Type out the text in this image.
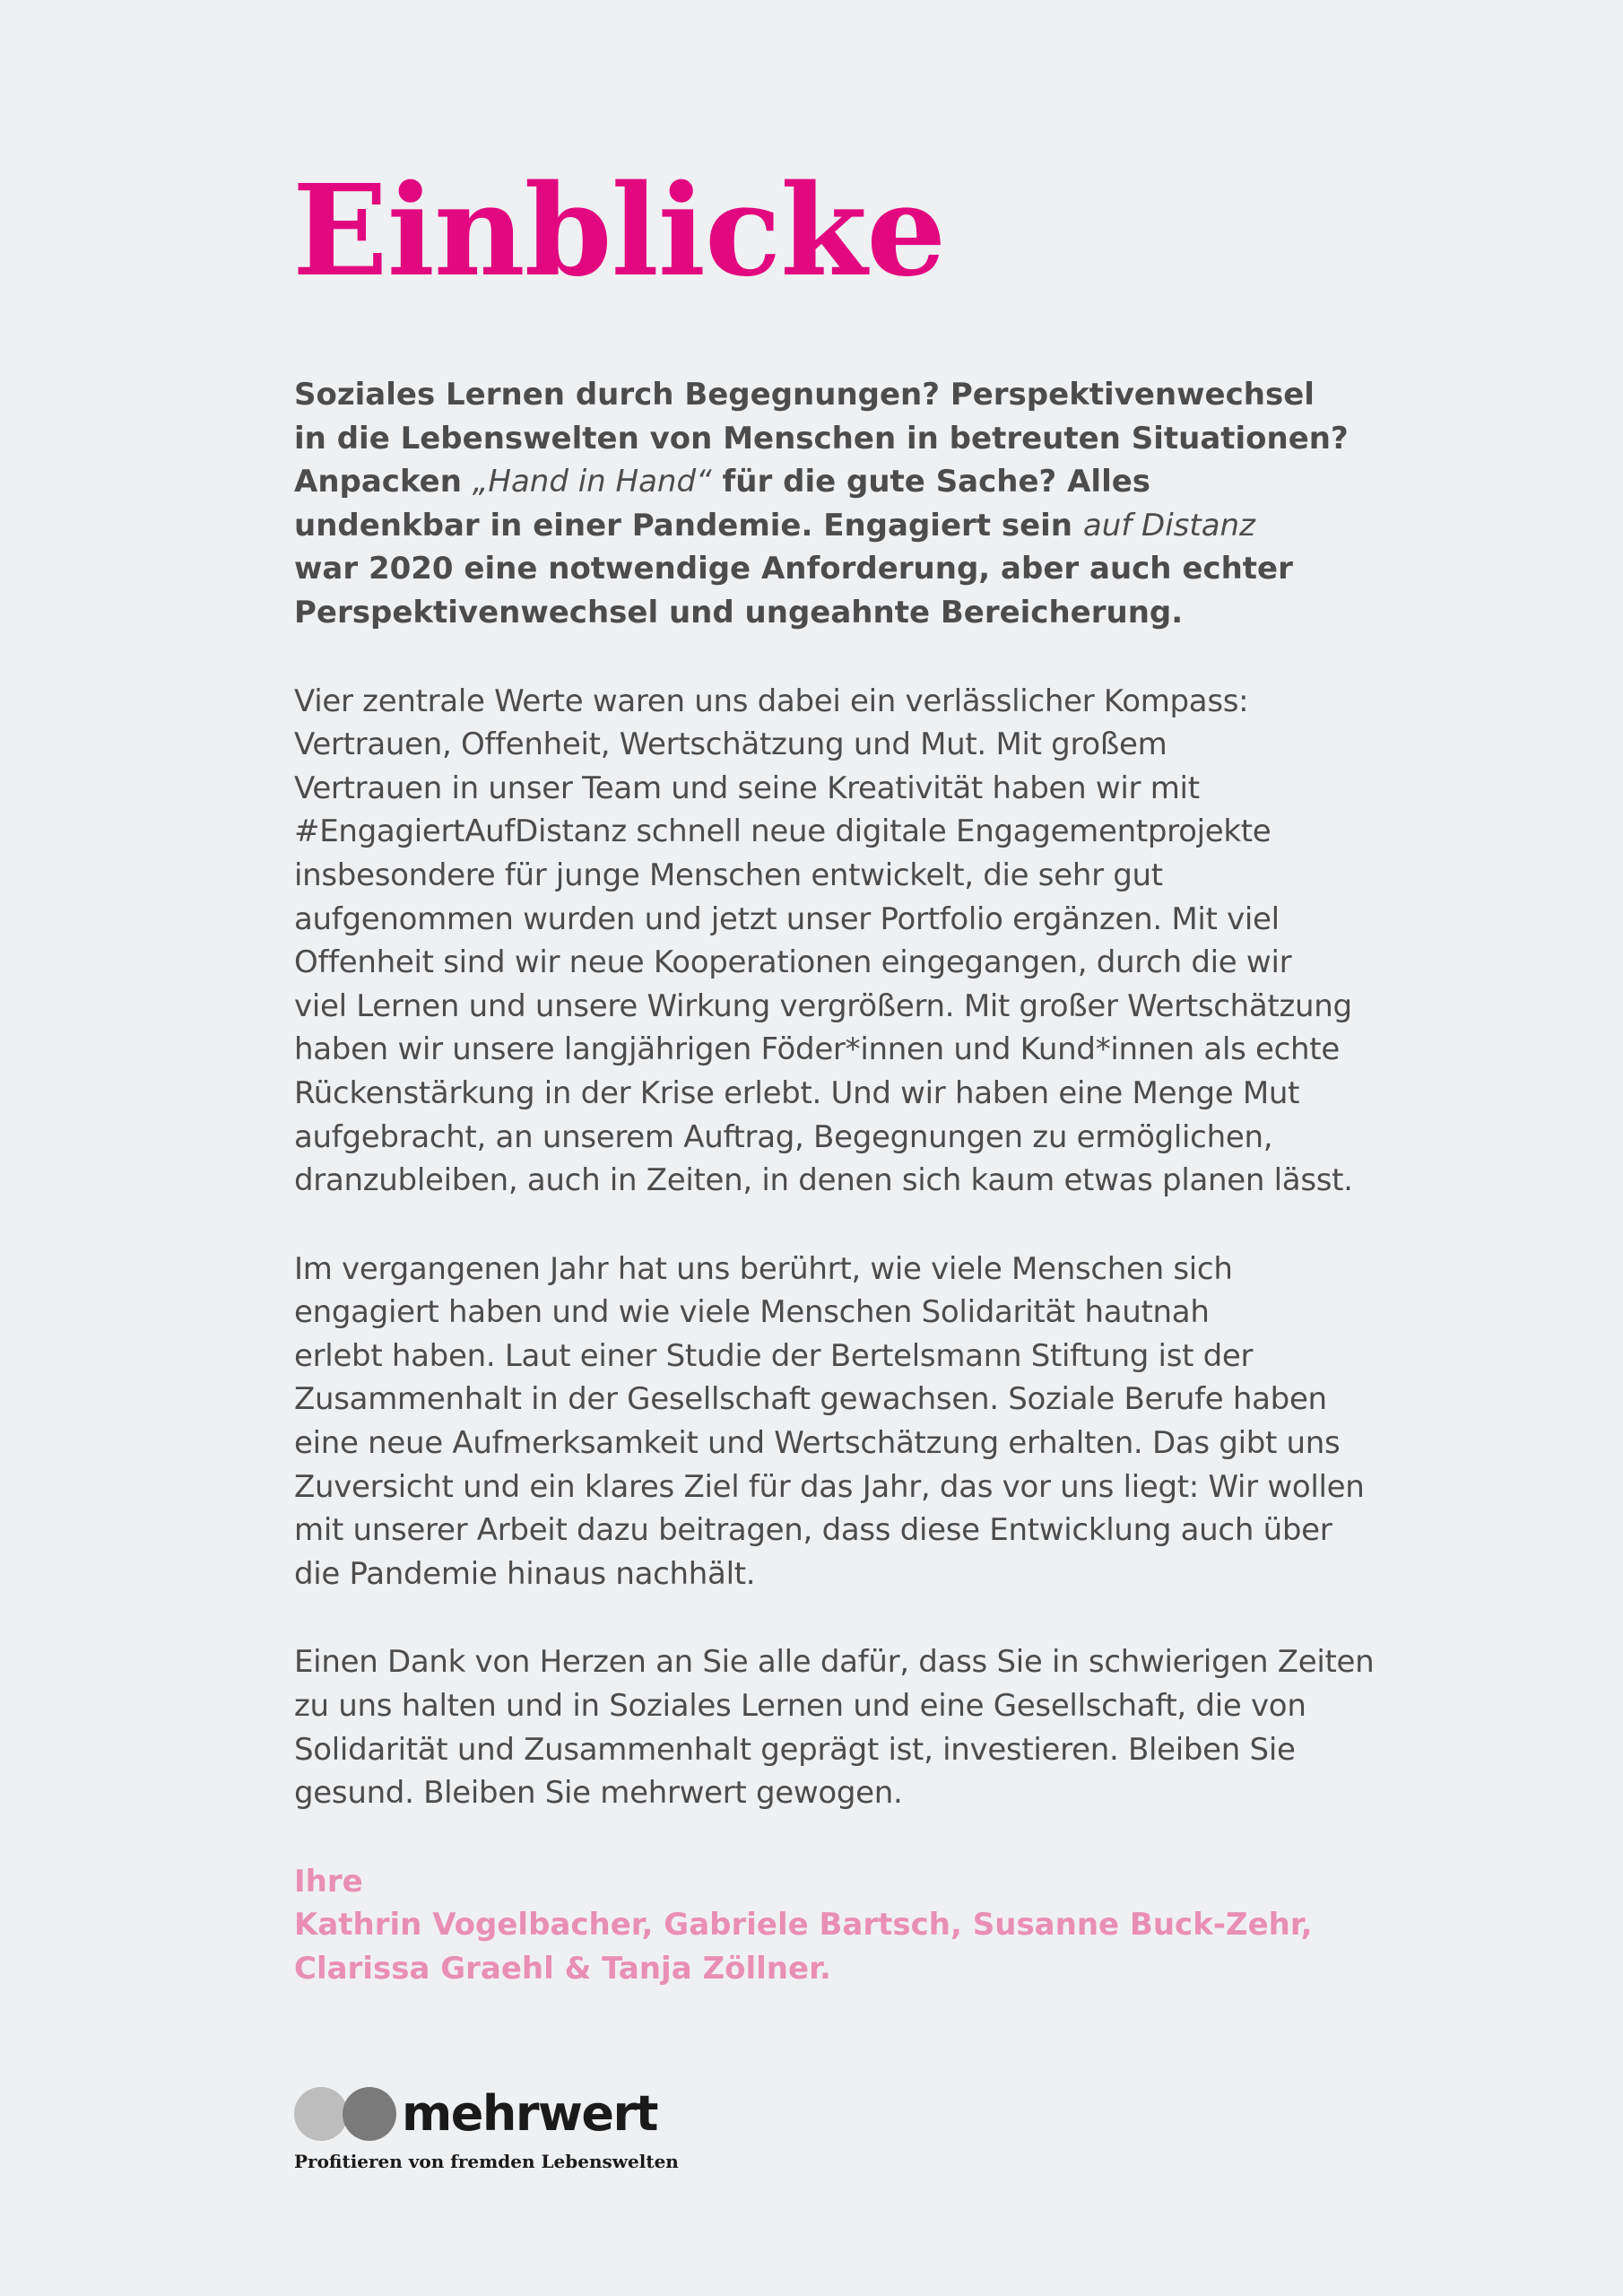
Einblicke

Soziales Lernen durch Begegnungen? Perspektivenwechsel
in die Lebenswelten von Menschen in betreuten Situationen?
Anpacken „Hand in Hand“ für die gute Sache? Alles
undenkbar in einer Pandemie. Engagiert sein auf Distanz
war 2020 eine notwendige Anforderung, aber auch echter
Perspektivenwechsel und ungeahnte Bereicherung.

Vier zentrale Werte waren uns dabei ein verlässlicher Kompass:
Vertrauen, Offenheit, Wertschätzung und Mut. Mit großem
Vertrauen in unser Team und seine Kreativität haben wir mit
#EngagiertAufDistanz schnell neue digitale Engagementprojekte
insbesondere für junge Menschen entwickelt, die sehr gut
aufgenommen wurden und jetzt unser Portfolio ergänzen. Mit viel
Offenheit sind wir neue Kooperationen eingegangen, durch die wir
viel Lernen und unsere Wirkung vergrößern. Mit großer Wertschätzung
haben wir unsere langjährigen Föder*innen und Kund*innen als echte
Rückenstärkung in der Krise erlebt. Und wir haben eine Menge Mut
aufgebracht, an unserem Auftrag, Begegnungen zu ermöglichen,
dranzubleiben, auch in Zeiten, in denen sich kaum etwas planen lässt.

Im vergangenen Jahr hat uns berührt, wie viele Menschen sich
engagiert haben und wie viele Menschen Solidarität hautnah
erlebt haben. Laut einer Studie der Bertelsmann Stiftung ist der
Zusammenhalt in der Gesellschaft gewachsen. Soziale Berufe haben
eine neue Aufmerksamkeit und Wertschätzung erhalten. Das gibt uns
Zuversicht und ein klares Ziel für das Jahr, das vor uns liegt: Wir wollen
mit unserer Arbeit dazu beitragen, dass diese Entwicklung auch über
die Pandemie hinaus nachhält.

Einen Dank von Herzen an Sie alle dafür, dass Sie in schwierigen Zeiten
zu uns halten und in Soziales Lernen und eine Gesellschaft, die von
Solidarität und Zusammenhalt geprägt ist, investieren. Bleiben Sie
gesund. Bleiben Sie mehrwert gewogen.

Ihre
Kathrin Vogelbacher, Gabriele Bartsch, Susanne Buck-Zehr,
Clarissa Graehl & Tanja Zöllner.

mehrwert
Profitieren von fremden Lebenswelten
